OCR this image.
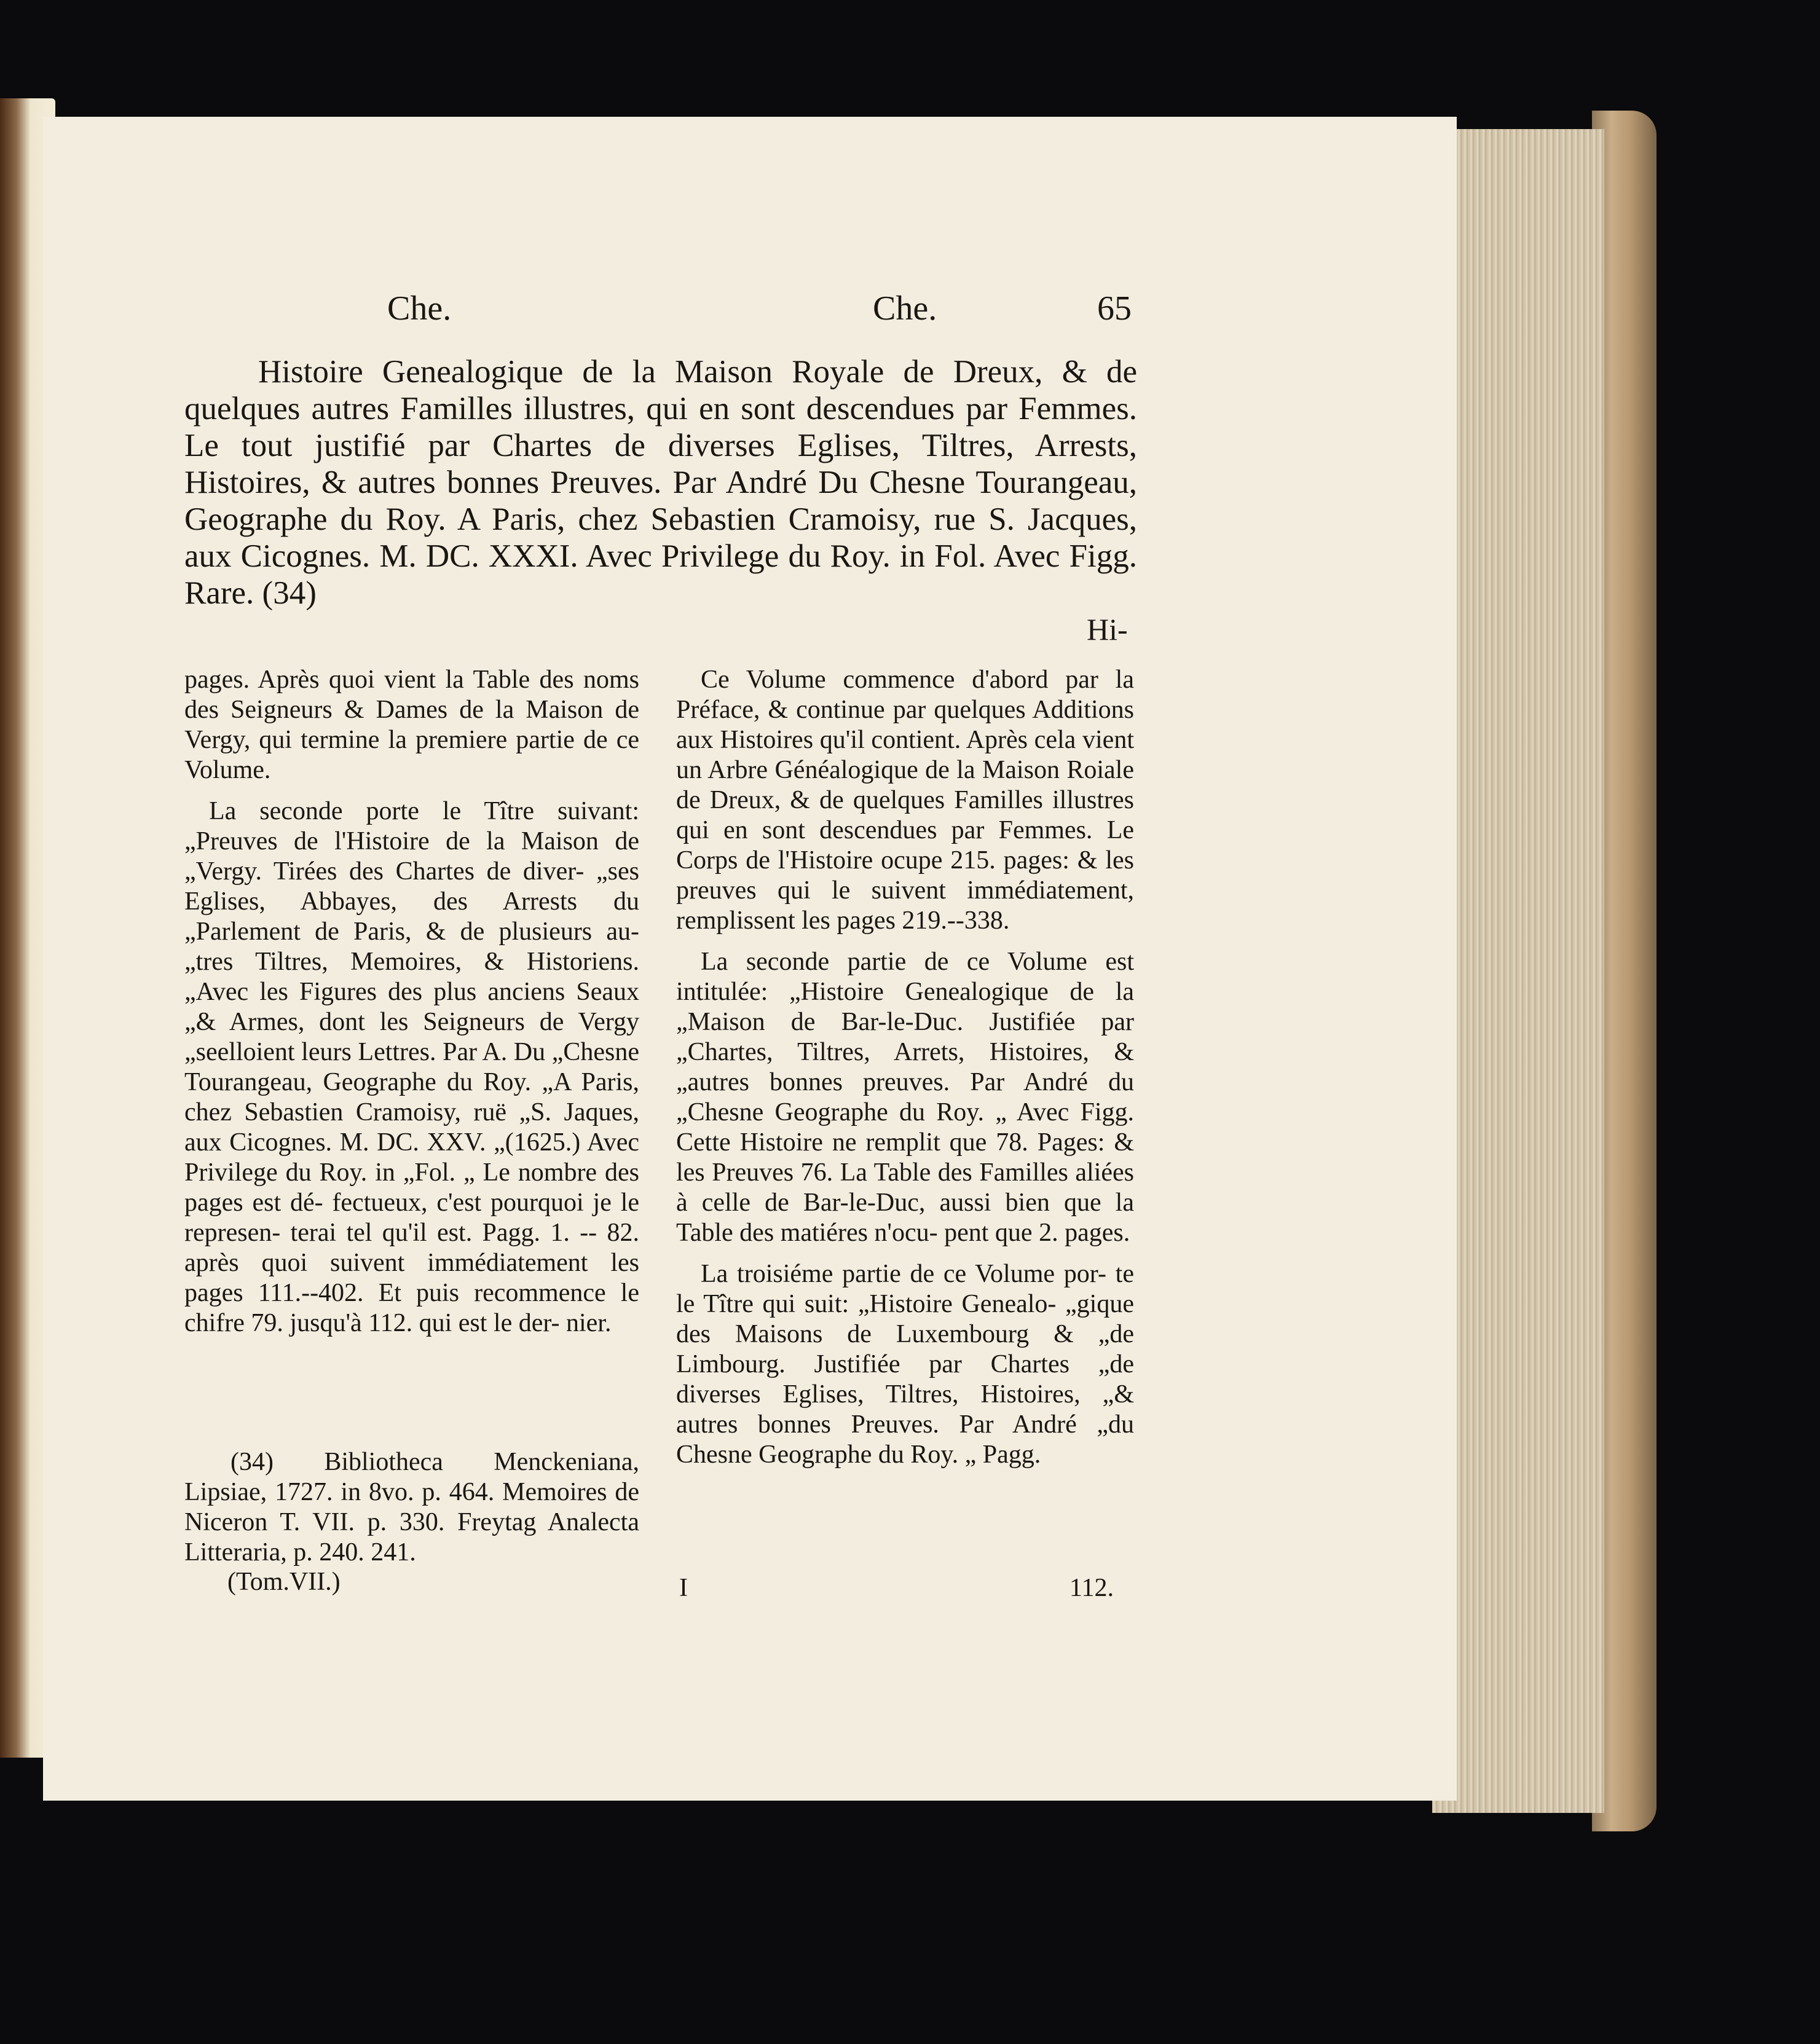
Che.	Che.	65
Histoire Genealogique de la Maison Royale de Dreux, & de quelques autres Familles illustres, qui en sont descendues par Femmes. Le tout justifié par Chartes de diverses Eglises, Tiltres, Arrests, Histoires, & autres bonnes Preuves. Par André Du Chesne Tourangeau, Geographe du Roy. A Paris, chez Sebastien Cramoisy, rue S. Jacques, aux Cicognes. M. DC. XXXI. Avec Privilege du Roy. in Fol. Avec Figg. Rare. (34)
Hi-

pages. Après quoi vient la Table des noms des Seigneurs & Dames de la Maison de Vergy, qui termine la premiere partie de ce Volume.

La seconde porte le Tître suivant: „Preuves de l'Histoire de la Maison de „Vergy. Tirées des Chartes de diver- „ses Eglises, Abbayes, des Arrests du „Parlement de Paris, & de plusieurs au- „tres Tiltres, Memoires, & Historiens. „Avec les Figures des plus anciens Seaux „& Armes, dont les Seigneurs de Vergy „seelloient leurs Lettres. Par A. Du „Chesne Tourangeau, Geographe du Roy. „A Paris, chez Sebastien Cramoisy, ruë „S. Jaques, aux Cicognes. M. DC. XXV. „(1625.) Avec Privilege du Roy. in „Fol. „ Le nombre des pages est dé- fectueux, c'est pourquoi je le represen- terai tel qu'il est. Pagg. 1. -- 82. après quoi suivent immédiatement les pages 111.--402. Et puis recommence le chifre 79. jusqu'à 112. qui est le der- nier.

(34) Bibliotheca Menckeniana, Lipsiae, 1727. in 8vo. p. 464. Memoires de Niceron T. VII. p. 330. Freytag Analecta Litteraria, p. 240. 241.
(Tom.VII.)

Ce Volume commence d'abord par la Préface, & continue par quelques Additions aux Histoires qu'il contient. Après cela vient un Arbre Généalogique de la Maison Roiale de Dreux, & de quelques Familles illustres qui en sont descendues par Femmes. Le Corps de l'Histoire ocupe 215. pages: & les preuves qui le suivent immédiatement, remplissent les pages 219.--338.

La seconde partie de ce Volume est intitulée: „Histoire Genealogique de la „Maison de Bar-le-Duc. Justifiée par „Chartes, Tiltres, Arrets, Histoires, & „autres bonnes preuves. Par André du „Chesne Geographe du Roy. „ Avec Figg. Cette Histoire ne remplit que 78. Pages: & les Preuves 76. La Table des Familles aliées à celle de Bar-le-Duc, aussi bien que la Table des matiéres n'ocu- pent que 2. pages.

La troisiéme partie de ce Volume por- te le Tître qui suit: „Histoire Genealo- „gique des Maisons de Luxembourg & „de Limbourg. Justifiée par Chartes „de diverses Eglises, Tiltres, Histoires, „& autres bonnes Preuves. Par André „du Chesne Geographe du Roy. „ Pagg.

I	112.
